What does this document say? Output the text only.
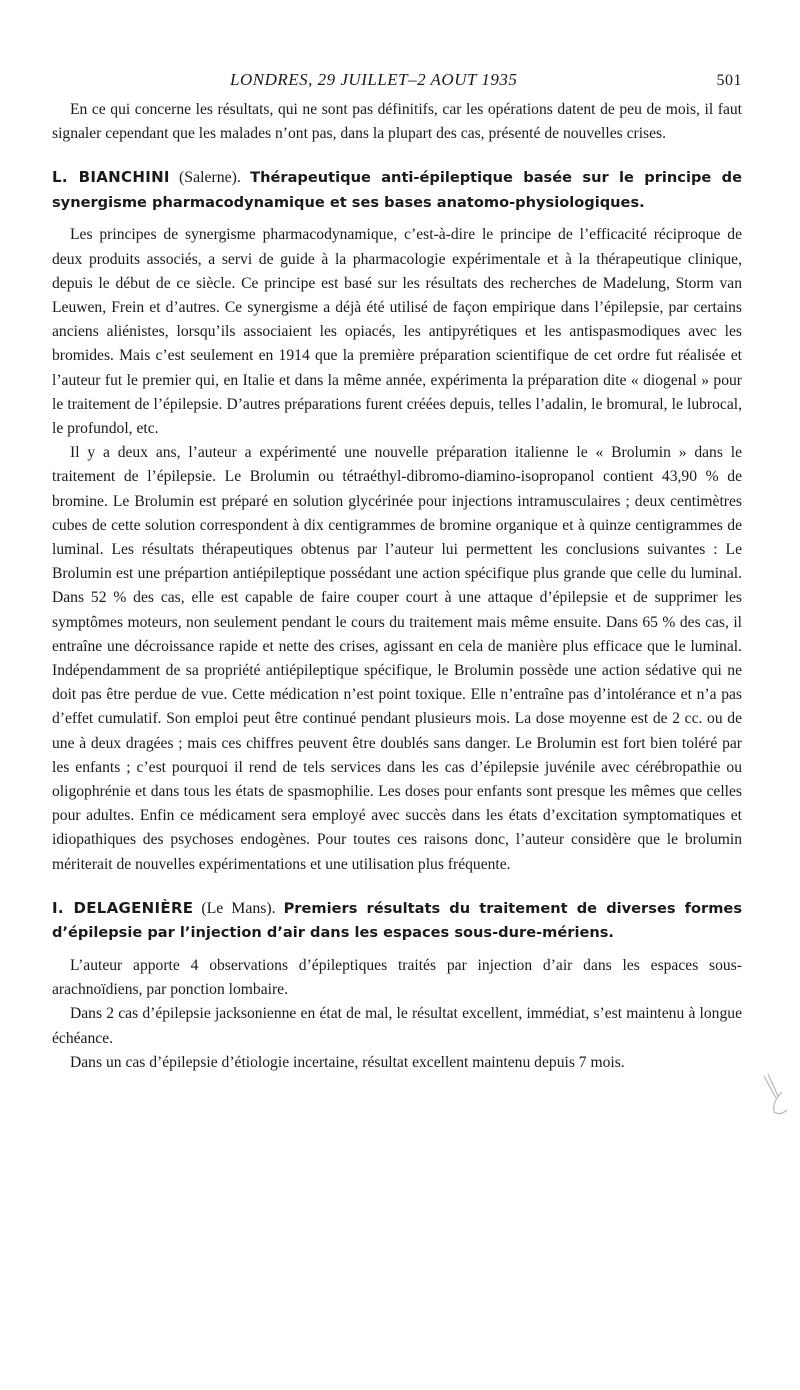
LONDRES, 29 JUILLET–2 AOUT 1935	501

En ce qui concerne les résultats, qui ne sont pas définitifs, car les opérations datent de peu de mois, il faut signaler cependant que les malades n’ont pas, dans la plupart des cas, présenté de nouvelles crises.

L. BIANCHINI (Salerne). Thérapeutique anti-épileptique basée sur le principe de synergisme pharmacodynamique et ses bases anatomo-physiologiques.

Les principes de synergisme pharmacodynamique, c’est-à-dire le principe de l’efficacité réciproque de deux produits associés, a servi de guide à la pharmacologie expérimentale et à la thérapeutique clinique, depuis le début de ce siècle. Ce principe est basé sur les résultats des recherches de Madelung, Storm van Leuwen, Frein et d’autres. Ce synergisme a déjà été utilisé de façon empirique dans l’épilepsie, par certains anciens aliénistes, lorsqu’ils associaient les opiacés, les antipyrétiques et les antispasmodiques avec les bromides. Mais c’est seulement en 1914 que la première préparation scientifique de cet ordre fut réalisée et l’auteur fut le premier qui, en Italie et dans la même année, expérimenta la préparation dite « diogenal » pour le traitement de l’épilepsie. D’autres préparations furent créées depuis, telles l’adalin, le bromural, le lubrocal, le profundol, etc.

Il y a deux ans, l’auteur a expérimenté une nouvelle préparation italienne le « Brolumin » dans le traitement de l’épilepsie. Le Brolumin ou tétraéthyl-dibromo-diamino-isopropanol contient 43,90 % de bromine. Le Brolumin est préparé en solution glycérinée pour injections intramusculaires ; deux centimètres cubes de cette solution correspondent à dix centigrammes de bromine organique et à quinze centigrammes de luminal. Les résultats thérapeutiques obtenus par l’auteur lui permettent les conclusions suivantes : Le Brolumin est une prépartion antiépileptique possédant une action spécifique plus grande que celle du luminal. Dans 52 % des cas, elle est capable de faire couper court à une attaque d’épilepsie et de supprimer les symptômes moteurs, non seulement pendant le cours du traitement mais même ensuite. Dans 65 % des cas, il entraîne une décroissance rapide et nette des crises, agissant en cela de manière plus efficace que le luminal. Indépendamment de sa propriété antiépileptique spécifique, le Brolumin possède une action sédative qui ne doit pas être perdue de vue. Cette médication n’est point toxique. Elle n’entraîne pas d’intolérance et n’a pas d’effet cumulatif. Son emploi peut être continué pendant plusieurs mois. La dose moyenne est de 2 cc. ou de une à deux dragées ; mais ces chiffres peuvent être doublés sans danger. Le Brolumin est fort bien toléré par les enfants ; c’est pourquoi il rend de tels services dans les cas d’épilepsie juvénile avec cérébropathie ou oligophrénie et dans tous les états de spasmophilie. Les doses pour enfants sont presque les mêmes que celles pour adultes. Enfin ce médicament sera employé avec succès dans les états d’excitation symptomatiques et idiopathiques des psychoses endogènes. Pour toutes ces raisons donc, l’auteur considère que le brolumin mériterait de nouvelles expérimentations et une utilisation plus fréquente.

I. DELAGENIÈRE (Le Mans). Premiers résultats du traitement de diverses formes d’épilepsie par l’injection d’air dans les espaces sous-dure-mériens.

L’auteur apporte 4 observations d’épileptiques traités par injection d’air dans les espaces sous-arachnoïdiens, par ponction lombaire.

Dans 2 cas d’épilepsie jacksonienne en état de mal, le résultat excellent, immédiat, s’est maintenu à longue échéance.

Dans un cas d’épilepsie d’étiologie incertaine, résultat excellent maintenu depuis 7 mois.
